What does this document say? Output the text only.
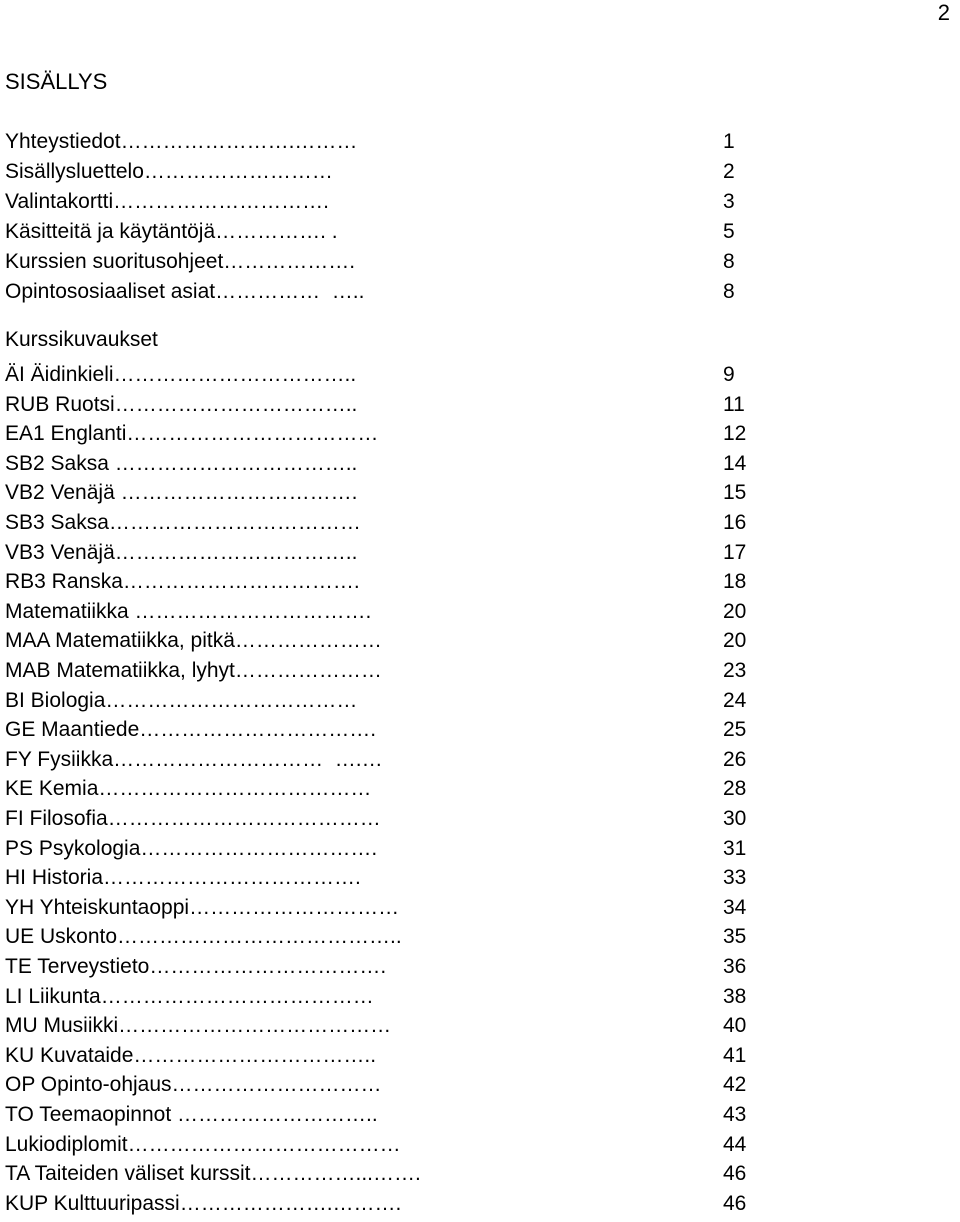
2
SISÄLLYS
Yhteystiedot…………………….………	1
Sisällysluettelo………………………	2
Valintakortti………………………….	3
Käsitteitä ja käytäntöjä……………. .	5
Kurssien suoritusohjeet……………….	8
Opintososiaaliset asiat……………  …..	8
Kurssikuvaukset
ÄI Äidinkieli……………………………..	9
RUB Ruotsi……………………………..	11
EA1 Englanti………………………………	12
SB2 Saksa ……………………………..	14
VB2 Venäjä …………………………….	15
SB3 Saksa………………………………	16
VB3 Venäjä……………………………..	17
RB3 Ranska…………………………….	18
Matematiikka …………………………….	20
MAA Matematiikka, pitkä…………………	20
MAB Matematiikka, lyhyt…………………	23
BI Biologia………………………………	24
GE Maantiede…………………………….	25
FY Fysiikka…………………………  ….…	26
KE Kemia…………………………………	28
FI Filosofia…………………………………	30
PS Psykologia…………………………….	31
HI Historia……………………………….	33
YH Yhteiskuntaoppi…………………………	34
UE Uskonto…………………………………..	35
TE Terveystieto…………………………….	36
LI Liikunta…………………………………	38
MU Musiikki…………………………………	40
KU Kuvataide……………………………..	41
OP Opinto-ohjaus…………………………	42
TO Teemaopinnot ………………………..	43
Lukiodiplomit…………………………………	44
TA Taiteiden väliset kurssit……………...…….	46
KUP Kulttuuripassi………………….……….	46
